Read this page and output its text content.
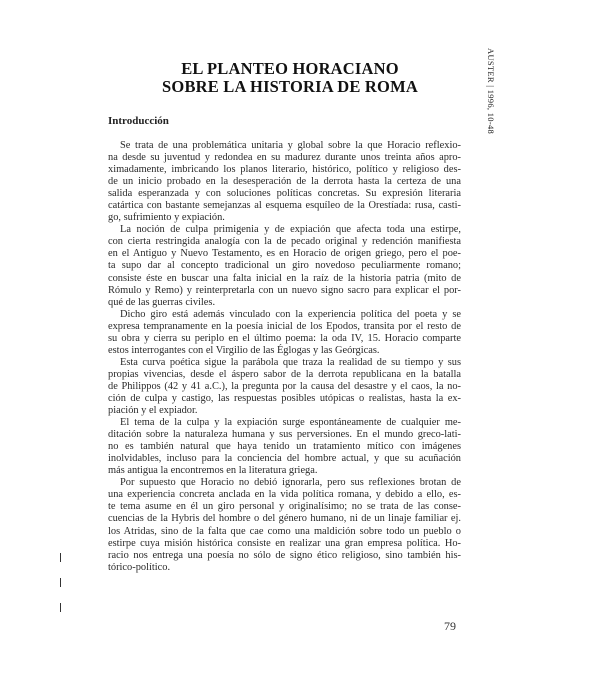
AUSTER | 1996, 10-48
EL PLANTEO HORACIANO
SOBRE LA HISTORIA DE ROMA
Introducción
Se trata de una problemática unitaria y global sobre la que Horacio reflexio-
na desde su juventud y redondea en su madurez durante unos treinta años apro-
ximadamente, imbricando los planos literario, histórico, político y religioso des-
de un inicio probado en la desesperación de la derrota hasta la certeza de una
salida esperanzada y con soluciones políticas concretas. Su expresión literaria
catártica con bastante semejanzas al esquema esquíleo de la Orestíada: rusa, casti-
go, sufrimiento y expiación.
La noción de culpa primigenia y de expiación que afecta toda una estirpe,
con cierta restringida analogía con la de pecado original y redención manifiesta
en el Antiguo y Nuevo Testamento, es en Horacio de origen griego, pero el poe-
ta supo dar al concepto tradicional un giro novedoso peculiarmente romano;
consiste éste en buscar una falta inicial en la raíz de la historia patria (mito de
Rómulo y Remo) y reinterpretarla con un nuevo signo sacro para explicar el por-
qué de las guerras civiles.
Dicho giro está además vinculado con la experiencia política del poeta y se
expresa tempranamente en la poesía inicial de los Epodos, transita por el resto de
su obra y cierra su periplo en el último poema: la oda IV, 15. Horacio comparte
estos interrogantes con el Virgilio de las Églogas y las Geórgicas.
Esta curva poética sigue la parábola que traza la realidad de su tiempo y sus
propias vivencias, desde el áspero sabor de la derrota republicana en la batalla
de Philippos (42 y 41 a.C.), la pregunta por la causa del desastre y el caos, la no-
ción de culpa y castigo, las respuestas posibles utópicas o realistas, hasta la ex-
piación y el expiador.
El tema de la culpa y la expiación surge espontáneamente de cualquier me-
ditación sobre la naturaleza humana y sus perversiones. En el mundo greco-lati-
no es también natural que haya tenido un tratamiento mítico con imágenes
inolvidables, incluso para la conciencia del hombre actual, y que su acuñación
más antigua la encontremos en la literatura griega.
Por supuesto que Horacio no debió ignorarla, pero sus reflexiones brotan de
una experiencia concreta anclada en la vida política romana, y debido a ello, es-
te tema asume en él un giro personal y originalísimo; no se trata de las conse-
cuencias de la Hybris del hombre o del género humano, ni de un linaje familiar ej.
los Atridas, sino de la falta que cae como una maldición sobre todo un pueblo o
estirpe cuya misión histórica consiste en realizar una gran empresa política. Ho-
racio nos entrega una poesía no sólo de signo ético religioso, sino también his-
tórico-político.
79
